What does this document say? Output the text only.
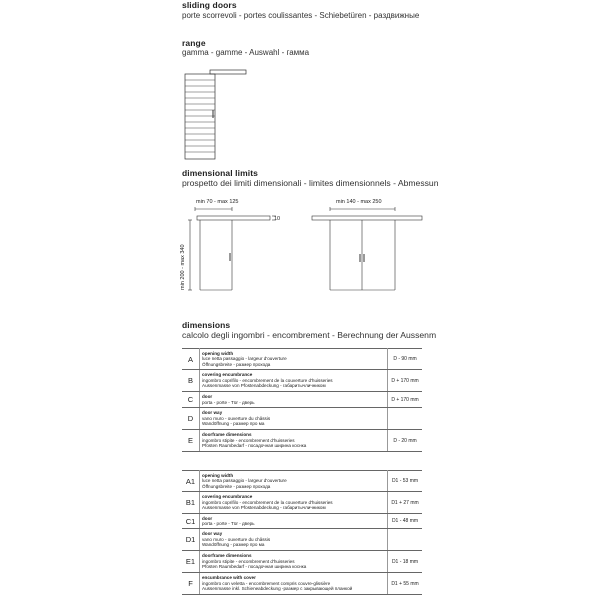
sliding doors
porte scorrevoli - portes coulissantes - Schiebetüren - раздвижные
range
gamma - gamme - Auswahl - гамма
dimensional limits
prospetto dei limiti dimensionali - limites dimensionnels - Abmessun
min 70 - max 125	min 140 - max 250
10
min 200 - max 340
dimensions
calcolo degli ingombri - encombrement - Berechnung der Aussenm
A	opening width
luce netta passaggio - largeur d'ouverture
Öffnungsbreite - размер прохода	D - 90 mm
B	covering encumbrance
ingombro coprifilo - encombrement de la couverture d'huisseries
Aussenmasse von Pfostenabdeckung - габаритычличником	D + 170 mm
C	door
porta - porte - Tür - дверь	D + 170 mm
D	door way
vano muro - ouverture du châssis
Wandöffnung - размер про ма	

E	doorframe dimensions
ingombro stipite - encombrement d'huisseries
Pfosten Raumbedarf - посадочная ширина коснка	D - 20 mm
A1	opening width
luce netta passaggio - largeur d'ouverture
Öffnungsbreite - размер прохода	D1 - 53 mm
B1	covering encumbrance
ingombro coprifilo - encombrement de la couverture d'huisseries
Aussenmasse von Pfostenabdeckung - габаритычличником	D1 + 27 mm
C1	door
porta - porte - Tür - дверь	D1 - 48 mm
D1	door way
vano muro - ouverture du châssis
Wandöffnung - размер про ма	

E1	doorframe dimensions
ingombro stipite - encombrement d'huisseries
Pfosten Raumbedarf - посадочная ширина коснка	D1 - 18 mm
F	encumbrance with cover
ingombro con veletta - encombrement compris couvre-glissière
Aussenmasse inkl. Schieneabdeckung -размер с закрывающей планкой	D1 + 55 mm
